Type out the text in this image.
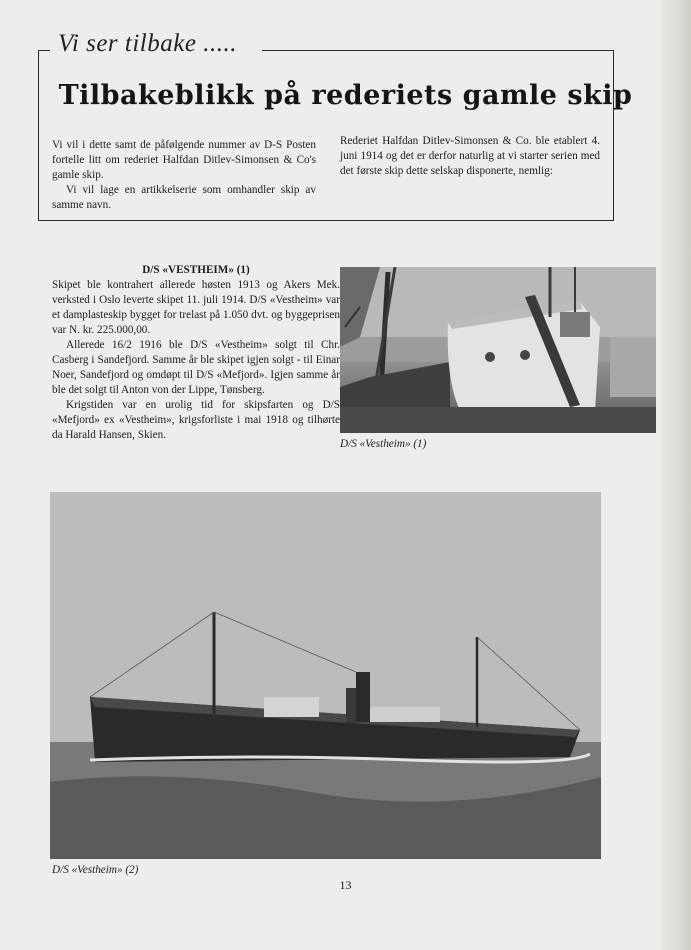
Vi ser tilbake .....
Tilbakeblikk på rederiets gamle skip

Vi vil i dette samt de påfølgende nummer av D-S Posten fortelle litt om rederiet Halfdan Ditlev-Simonsen & Co's gamle skip.

Vi vil lage en artikkelserie som omhandler skip av samme navn.

Rederiet Halfdan Ditlev-Simonsen & Co. ble etablert 4. juni 1914 og det er derfor naturlig at vi starter serien med det første skip dette selskap disponerte, nemlig:

D/S «VESTHEIM» (1)

Skipet ble kontrahert allerede høsten 1913 og Akers Mek. verksted i Oslo leverte skipet 11. juli 1914. D/S «Vestheim» var et damplasteskip bygget for trelast på 1.050 dvt. og byggeprisen var N. kr. 225.000,00.

Allerede 16/2 1916 ble D/S «Vestheim» solgt til Chr. Casberg i Sandefjord. Samme år ble skipet igjen solgt - til Einar Noer, Sandefjord og omdøpt til D/S «Mefjord». Igjen samme år ble det solgt til Anton von der Lippe, Tønsberg.

Krigstiden var en urolig tid for skipsfarten og D/S «Mefjord» ex «Vestheim», krigsforliste i mai 1918 og tilhørte da Harald Hansen, Skien.

D/S «Vestheim» (1)
D/S «Vestheim» (2)
13
